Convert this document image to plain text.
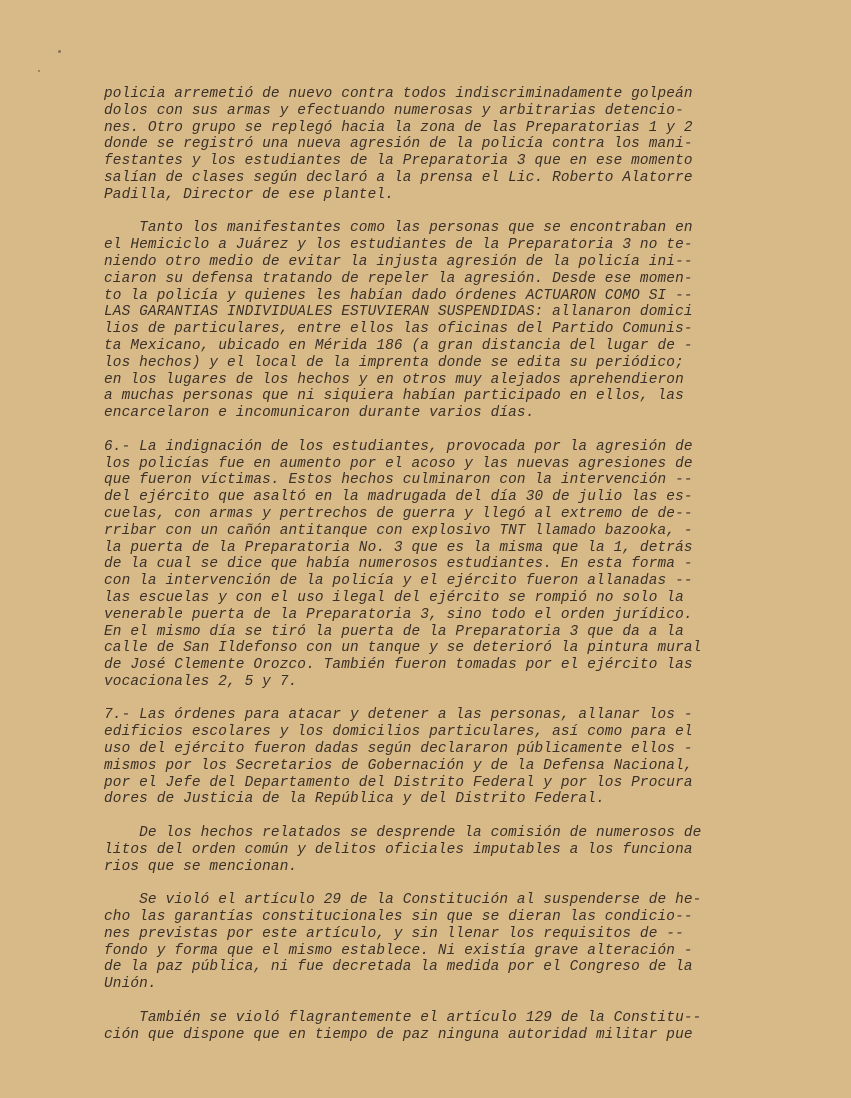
policia arremetió de nuevo contra todos indiscriminadamente golpeán
dolos con sus armas y efectuando numerosas y arbitrarias detencio-
nes. Otro grupo se replegó hacia la zona de las Preparatorias 1 y 2
donde se registró una nueva agresión de la policía contra los mani-
festantes y los estudiantes de la Preparatoria 3 que en ese momento
salían de clases según declaró a la prensa el Lic. Roberto Alatorre
Padilla, Director de ese plantel.
Tanto los manifestantes como las personas que se encontraban en
el Hemiciclo a Juárez y los estudiantes de la Preparatoria 3 no te-
niendo otro medio de evitar la injusta agresión de la policía ini--
ciaron su defensa tratando de repeler la agresión. Desde ese momen-
to la policía y quienes les habían dado órdenes ACTUARON COMO SI --
LAS GARANTIAS INDIVIDUALES ESTUVIERAN SUSPENDIDAS: allanaron domici
lios de particulares, entre ellos las oficinas del Partido Comunis-
ta Mexicano, ubicado en Mérida 186 (a gran distancia del lugar de -
los hechos) y el local de la imprenta donde se edita su periódico;
en los lugares de los hechos y en otros muy alejados aprehendieron
a muchas personas que ni siquiera habían participado en ellos, las
encarcelaron e incomunicaron durante varios días.
6.- La indignación de los estudiantes, provocada por la agresión de
los policías fue en aumento por el acoso y las nuevas agresiones de
que fueron víctimas. Estos hechos culminaron con la intervención --
del ejército que asaltó en la madrugada del día 30 de julio las es-
cuelas, con armas y pertrechos de guerra y llegó al extremo de de--
rribar con un cañón antitanque con explosivo TNT llamado bazooka, -
la puerta de la Preparatoria No. 3 que es la misma que la 1, detrás
de la cual se dice que había numerosos estudiantes. En esta forma -
con la intervención de la policía y el ejército fueron allanadas --
las escuelas y con el uso ilegal del ejército se rompió no solo la
venerable puerta de la Preparatoria 3, sino todo el orden jurídico.
En el mismo día se tiró la puerta de la Preparatoria 3 que da a la
calle de San Ildefonso con un tanque y se deterioró la pintura mural
de José Clemente Orozco. También fueron tomadas por el ejército las
vocacionales 2, 5 y 7.
7.- Las órdenes para atacar y detener a las personas, allanar los -
edificios escolares y los domicilios particulares, así como para el
uso del ejército fueron dadas según declararon públicamente ellos -
mismos por los Secretarios de Gobernación y de la Defensa Nacional,
por el Jefe del Departamento del Distrito Federal y por los Procura
dores de Justicia de la República y del Distrito Federal.
De los hechos relatados se desprende la comisión de numerosos de
litos del orden común y delitos oficiales imputables a los funciona
rios que se mencionan.
Se violó el artículo 29 de la Constitución al suspenderse de he-
cho las garantías constitucionales sin que se dieran las condicio--
nes previstas por este artículo, y sin llenar los requisitos de --
fondo y forma que el mismo establece. Ni existía grave alteración -
de la paz pública, ni fue decretada la medida por el Congreso de la
Unión.
También se violó flagrantemente el artículo 129 de la Constitu--
ción que dispone que en tiempo de paz ninguna autoridad militar pue
